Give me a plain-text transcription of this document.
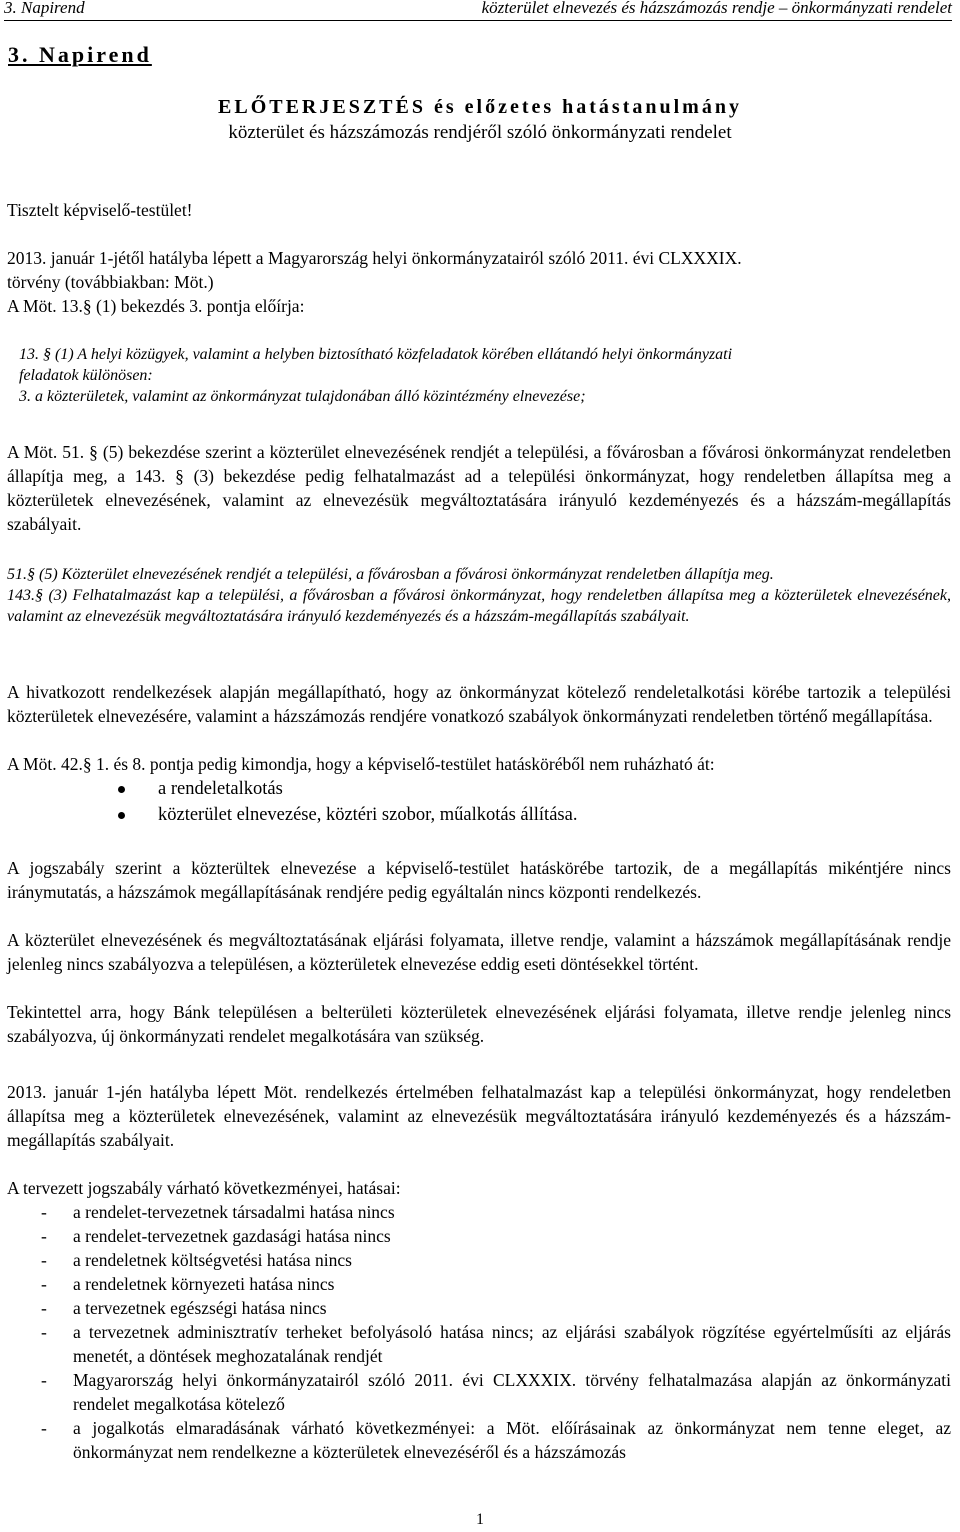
3. Napirend	közterület elnevezés és házszámozás rendje – önkormányzati rendelet
3. Napirend
ELŐTERJESZTÉS és előzetes hatástanulmány
közterület és házszámozás rendjéről szóló önkormányzati rendelet
Tisztelt képviselő-testület!
2013. január 1-jétől hatályba lépett a Magyarország helyi önkormányzatairól szóló 2011. évi CLXXXIX.
törvény (továbbiakban: Möt.)
A Möt. 13.§ (1) bekezdés 3. pontja előírja:
13. § (1) A helyi közügyek, valamint a helyben biztosítható közfeladatok körében ellátandó helyi önkormányzati
feladatok különösen:
3. a közterületek, valamint az önkormányzat tulajdonában álló közintézmény elnevezése;
A Möt. 51. § (5) bekezdése szerint a közterület elnevezésének rendjét a települési, a fővárosban a fővárosi önkormányzat rendeletben állapítja meg, a 143. § (3) bekezdése pedig felhatalmazást ad a települési önkormányzat, hogy rendeletben állapítsa meg a közterületek elnevezésének, valamint az elnevezésük megváltoztatására irányuló kezdeményezés és a házszám-megállapítás szabályait.
51.§ (5) Közterület elnevezésének rendjét a települési, a fővárosban a fővárosi önkormányzat rendeletben állapítja meg.
143.§ (3) Felhatalmazást kap a települési, a fővárosban a fővárosi önkormányzat, hogy rendeletben állapítsa meg a közterületek elnevezésének, valamint az elnevezésük megváltoztatására irányuló kezdeményezés és a házszám-megállapítás szabályait.
A hivatkozott rendelkezések alapján megállapítható, hogy az önkormányzat kötelező rendeletalkotási körébe tartozik a települési közterületek elnevezésére, valamint a házszámozás rendjére vonatkozó szabályok önkormányzati rendeletben történő megállapítása.
A Möt. 42.§ 1. és 8. pontja pedig kimondja, hogy a képviselő-testület hatásköréből nem ruházható át:
a rendeletalkotás
közterület elnevezése, köztéri szobor, műalkotás állítása.
A jogszabály szerint a közterültek elnevezése a képviselő-testület hatáskörébe tartozik, de a megállapítás mikéntjére nincs iránymutatás, a házszámok megállapításának rendjére pedig egyáltalán nincs központi rendelkezés.
A közterület elnevezésének és megváltoztatásának eljárási folyamata, illetve rendje, valamint a házszámok megállapításának rendje jelenleg nincs szabályozva a településen, a közterületek elnevezése eddig eseti döntésekkel történt.
Tekintettel arra, hogy Bánk településen a belterületi közterületek elnevezésének eljárási folyamata, illetve rendje jelenleg nincs szabályozva, új önkormányzati rendelet megalkotására van szükség.
2013. január 1-jén hatályba lépett Möt. rendelkezés értelmében felhatalmazást kap a települési önkormányzat, hogy rendeletben állapítsa meg a közterületek elnevezésének, valamint az elnevezésük megváltoztatására irányuló kezdeményezés és a házszám-megállapítás szabályait.
A tervezett jogszabály várható következményei, hatásai:
- a rendelet-tervezetnek társadalmi hatása nincs
- a rendelet-tervezetnek gazdasági hatása nincs
- a rendeletnek költségvetési hatása nincs
- a rendeletnek környezeti hatása nincs
- a tervezetnek egészségi hatása nincs
- a tervezetnek adminisztratív terheket befolyásoló hatása nincs; az eljárási szabályok rögzítése egyértelműsíti az eljárás menetét, a döntések meghozatalának rendjét
- Magyarország helyi önkormányzatairól szóló 2011. évi CLXXXIX. törvény felhatalmazása alapján az önkormányzati rendelet megalkotása kötelező
- a jogalkotás elmaradásának várható következményei: a Möt. előírásainak az önkormányzat nem tenne eleget, az önkormányzat nem rendelkezne a közterületek elnevezéséről és a házszámozás
1
